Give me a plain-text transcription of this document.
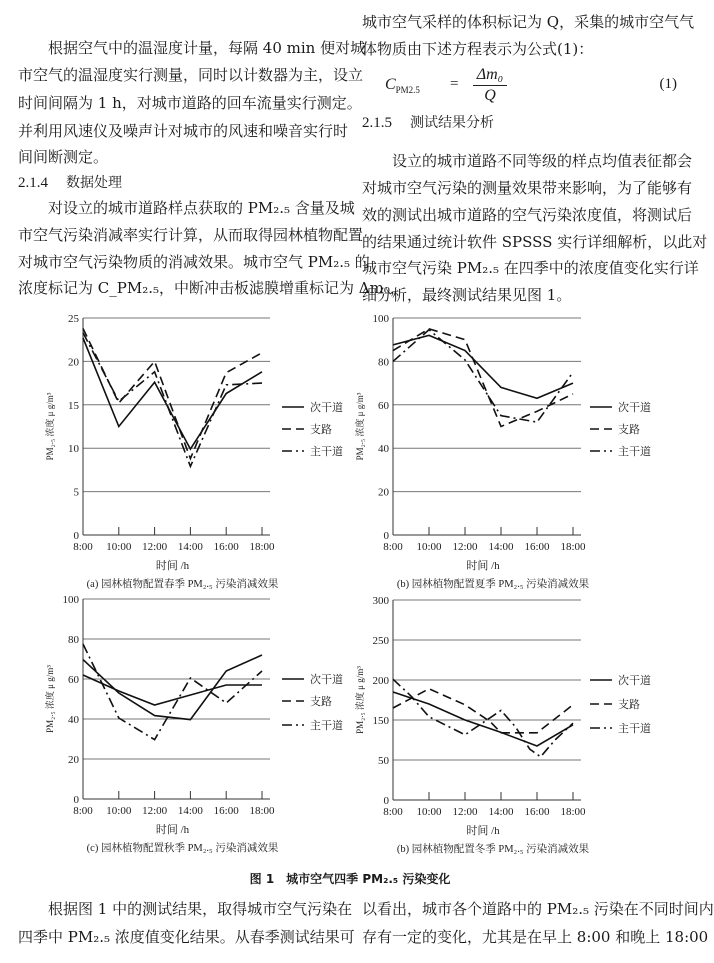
　　根据空气中的温湿度计量，每隔 40 min 便对城
市空气的温湿度实行测量，同时以计数器为主，设立
时间间隔为 1 h，对城市道路的回车流量实行测定。
并利用风速仪及噪声计对城市的风速和噪音实行时
间间断测定。
　　对设立的城市道路样点获取的 PM₂.₅ 含量及城
市空气污染消减率实行计算，从而取得园林植物配置
对城市空气污染物质的消减效果。城市空气 PM₂.₅ 的
浓度标记为 C_PM₂.₅，中断冲击板滤膜增重标记为 Δm₀，
城市空气采样的体积标记为 Q，采集的城市空气气
体物质由下述方程表示为公式(1)：
　　设立的城市道路不同等级的样点均值表征都会
对城市空气污染的测量效果带来影响，为了能够有
效的测试出城市道路的空气污染浓度值，将测试后
的结果通过统计软件 SPSSS 实行详细解析，以此对
城市空气污染 PM₂.₅ 在四季中的浓度值变化实行详
细分析，最终测试结果见图 1。
2.1.4 数据处理
$C_{PM2.5}$ =
Δm₀
Q
(1)
2.1.5 测试结果分析
0
5
10
15
20
25
8:00 10:00 12:00 14:00 16:00 18:00
时间 /h
PM₂.₅ 浓度 μ g/m³
(a) 园林植物配置春季 PM₂.₅ 污染消减效果
次干道
支路
主干道
0
20
40
60
80
100
8:00 10:00 12:00 14:00 16:00 18:00
时间 /h
PM₂.₅ 浓度 μ g/m³
(b) 园林植物配置夏季 PM₂.₅ 污染消减效果
次干道
支路
主干道
0
20
40
60
80
100
8:00 10:00 12:00 14:00 16:00 18:00
时间 /h
PM₂.₅ 浓度 μ g/m³
(c) 园林植物配置秋季 PM₂.₅ 污染消减效果
次干道
支路
主干道
0
50
150
200
250
300
8:00 10:00 12:00 14:00 16:00 18:00
时间 /h
PM₂.₅ 浓度 μ g/m³
(b) 园林植物配置冬季 PM₂.₅ 污染消减效果
次干道
支路
主干道
图 1　城市空气四季 PM₂.₅ 污染变化
　　根据图 1 中的测试结果，取得城市空气污染在
四季中 PM₂.₅ 浓度值变化结果。从春季测试结果可
以看出，城市各个道路中的 PM₂.₅ 污染在不同时间内
存有一定的变化，尤其是在早上 8:00 和晚上 18:00
